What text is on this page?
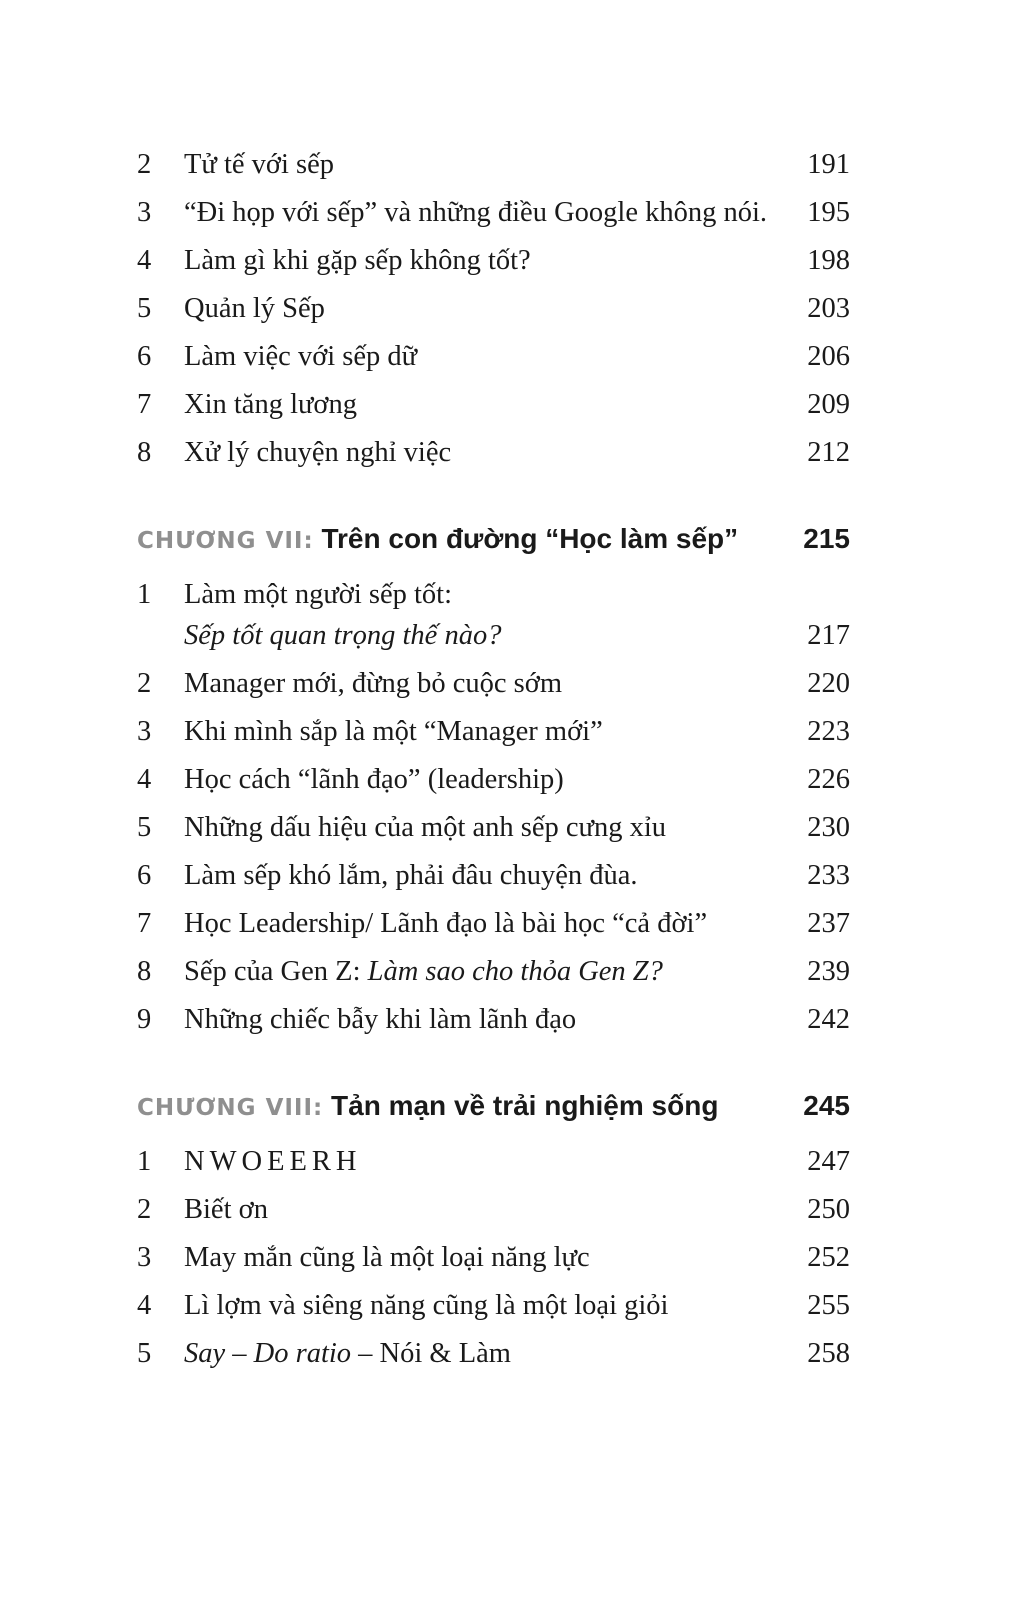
2 Tử tế với sếp	191
3 “Đi họp với sếp” và những điều Google không nói. 195
4 Làm gì khi gặp sếp không tốt?	198
5 Quản lý Sếp	203
6 Làm việc với sếp dữ	206
7 Xin tăng lương	209
8 Xử lý chuyện nghỉ việc	212
CHƯƠNG VII: Trên con đường “Học làm sếp” 215
1 Làm một người sếp tốt:
Sếp tốt quan trọng thế nào?	217
2 Manager mới, đừng bỏ cuộc sớm	220
3 Khi mình sắp là một “Manager mới”	223
4 Học cách “lãnh đạo” (leadership)	226
5 Những dấu hiệu của một anh sếp cưng xỉu	230
6 Làm sếp khó lắm, phải đâu chuyện đùa.	233
7 Học Leadership/ Lãnh đạo là bài học “cả đời”	237
8 Sếp của Gen Z: Làm sao cho thỏa Gen Z?	239
9 Những chiếc bẫy khi làm lãnh đạo	242
CHƯƠNG VIII: Tản mạn về trải nghiệm sống	245
1 NWOEERH	247
2 Biết ơn	250
3 May mắn cũng là một loại năng lực	252
4 Lì lợm và siêng năng cũng là một loại giỏi	255
5 Say – Do ratio – Nói & Làm	258
